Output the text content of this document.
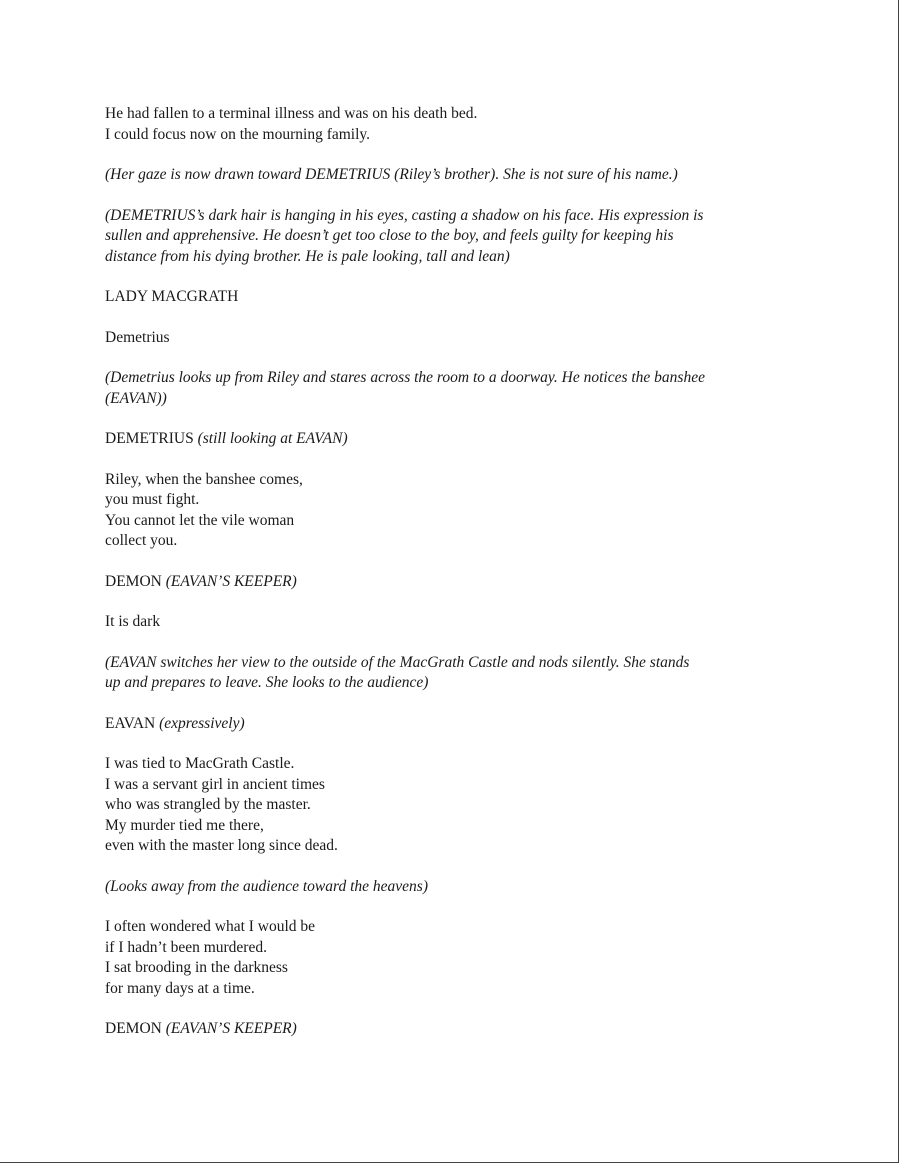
He had fallen to a terminal illness and was on his death bed.
I could focus now on the mourning family.
(Her gaze is now drawn toward DEMETRIUS (Riley’s brother). She is not sure of his name.)
(DEMETRIUS’s dark hair is hanging in his eyes, casting a shadow on his face. His expression is
sullen and apprehensive. He doesn’t get too close to the boy, and feels guilty for keeping his
distance from his dying brother. He is pale looking, tall and lean)
LADY MACGRATH
Demetrius
(Demetrius looks up from Riley and stares across the room to a doorway. He notices the banshee
(EAVAN))
DEMETRIUS (still looking at EAVAN)
Riley, when the banshee comes,
you must fight.
You cannot let the vile woman
collect you.
DEMON (EAVAN’S KEEPER)
It is dark
(EAVAN switches her view to the outside of the MacGrath Castle and nods silently. She stands
up and prepares to leave. She looks to the audience)
EAVAN (expressively)
I was tied to MacGrath Castle.
I was a servant girl in ancient times
who was strangled by the master.
My murder tied me there,
even with the master long since dead.
(Looks away from the audience toward the heavens)
I often wondered what I would be
if I hadn’t been murdered.
I sat brooding in the darkness
for many days at a time.
DEMON (EAVAN’S KEEPER)
